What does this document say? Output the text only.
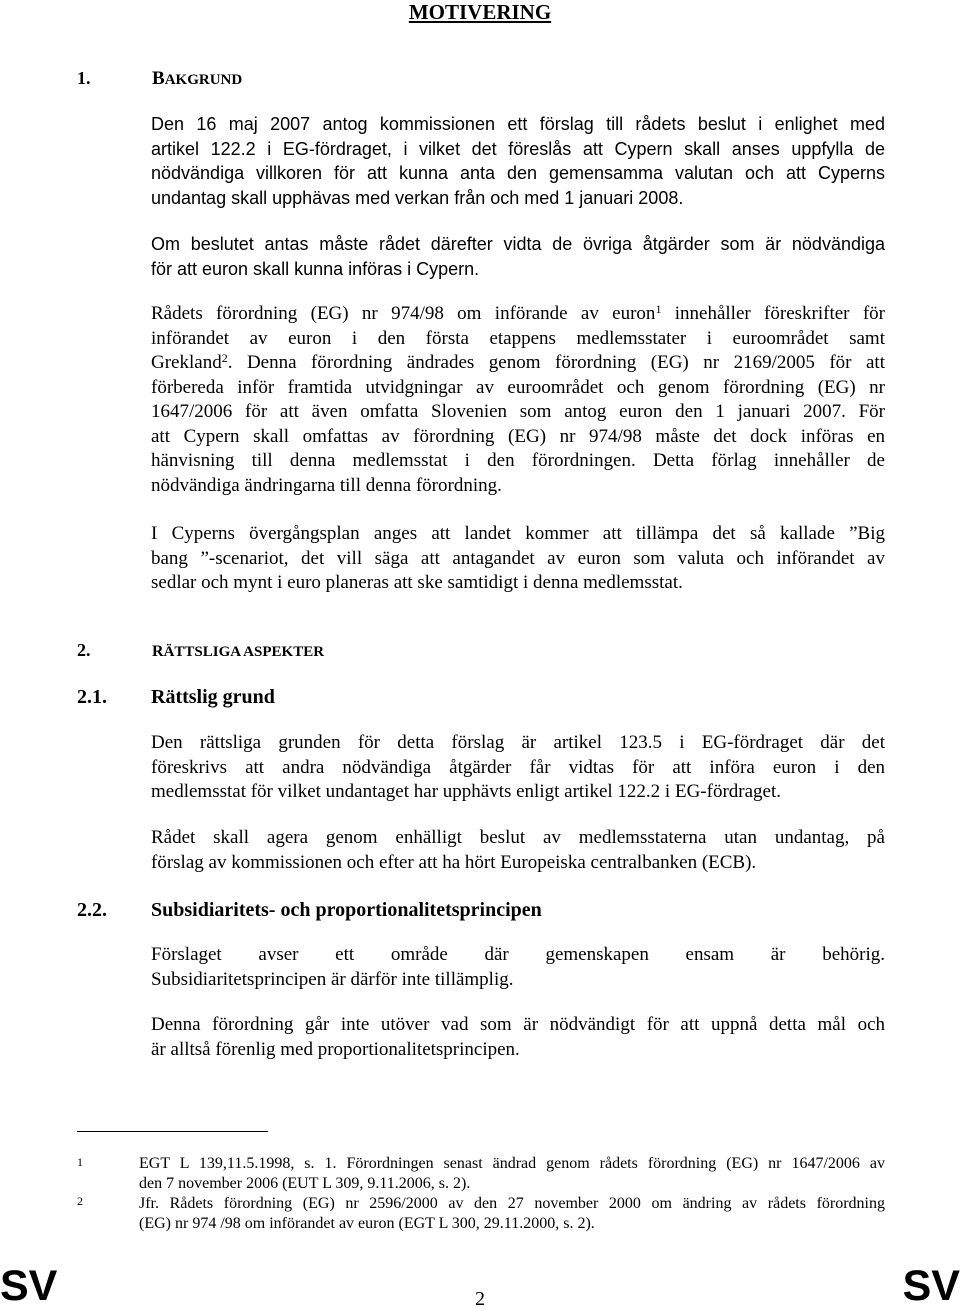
MOTIVERING
1.	BAKGRUND
Den 16 maj 2007 antog kommissionen ett förslag till rådets beslut i enlighet med
artikel 122.2 i EG-fördraget, i vilket det föreslås att Cypern skall anses uppfylla de
nödvändiga villkoren för att kunna anta den gemensamma valutan och att Cyperns
undantag skall upphävas med verkan från och med 1 januari 2008.
Om beslutet antas måste rådet därefter vidta de övriga åtgärder som är nödvändiga
för att euron skall kunna införas i Cypern.
Rådets förordning (EG) nr 974/98 om införande av euron$^1$ innehåller föreskrifter för
införandet av euron i den första etappens medlemsstater i euroområdet samt
Grekland$^2$. Denna förordning ändrades genom förordning (EG) nr 2169/2005 för att
förbereda inför framtida utvidgningar av euroområdet och genom förordning (EG) nr
1647/2006 för att även omfatta Slovenien som antog euron den 1 januari 2007. För
att Cypern skall omfattas av förordning (EG) nr 974/98 måste det dock införas en
hänvisning till denna medlemsstat i den förordningen. Detta förlag innehåller de
nödvändiga ändringarna till denna förordning.
I Cyperns övergångsplan anges att landet kommer att tillämpa det så kallade ”Big
bang ”-scenariot, det vill säga att antagandet av euron som valuta och införandet av
sedlar och mynt i euro planeras att ske samtidigt i denna medlemsstat.
2.	RÄTTSLIGA ASPEKTER
2.1. Rättslig grund
Den rättsliga grunden för detta förslag är artikel 123.5 i EG-fördraget där det
föreskrivs att andra nödvändiga åtgärder får vidtas för att införa euron i den
medlemsstat för vilket undantaget har upphävts enligt artikel 122.2 i EG-fördraget.
Rådet skall agera genom enhälligt beslut av medlemsstaterna utan undantag, på
förslag av kommissionen och efter att ha hört Europeiska centralbanken (ECB).
2.2. Subsidiaritets- och proportionalitetsprincipen
Förslaget avser ett område där gemenskapen ensam är behörig.
Subsidiaritetsprincipen är därför inte tillämplig.
Denna förordning går inte utöver vad som är nödvändigt för att uppnå detta mål och
är alltså förenlig med proportionalitetsprincipen.
1	EGT L 139,11.5.1998, s. 1. Förordningen senast ändrad genom rådets förordning (EG) nr 1647/2006 av
den 7 november 2006 (EUT L 309, 9.11.2006, s. 2).
2	Jfr. Rådets förordning (EG) nr 2596/2000 av den 27 november 2000 om ändring av rådets förordning
(EG) nr 974 /98 om införandet av euron (EGT L 300, 29.11.2000, s. 2).
SV	2	SV
